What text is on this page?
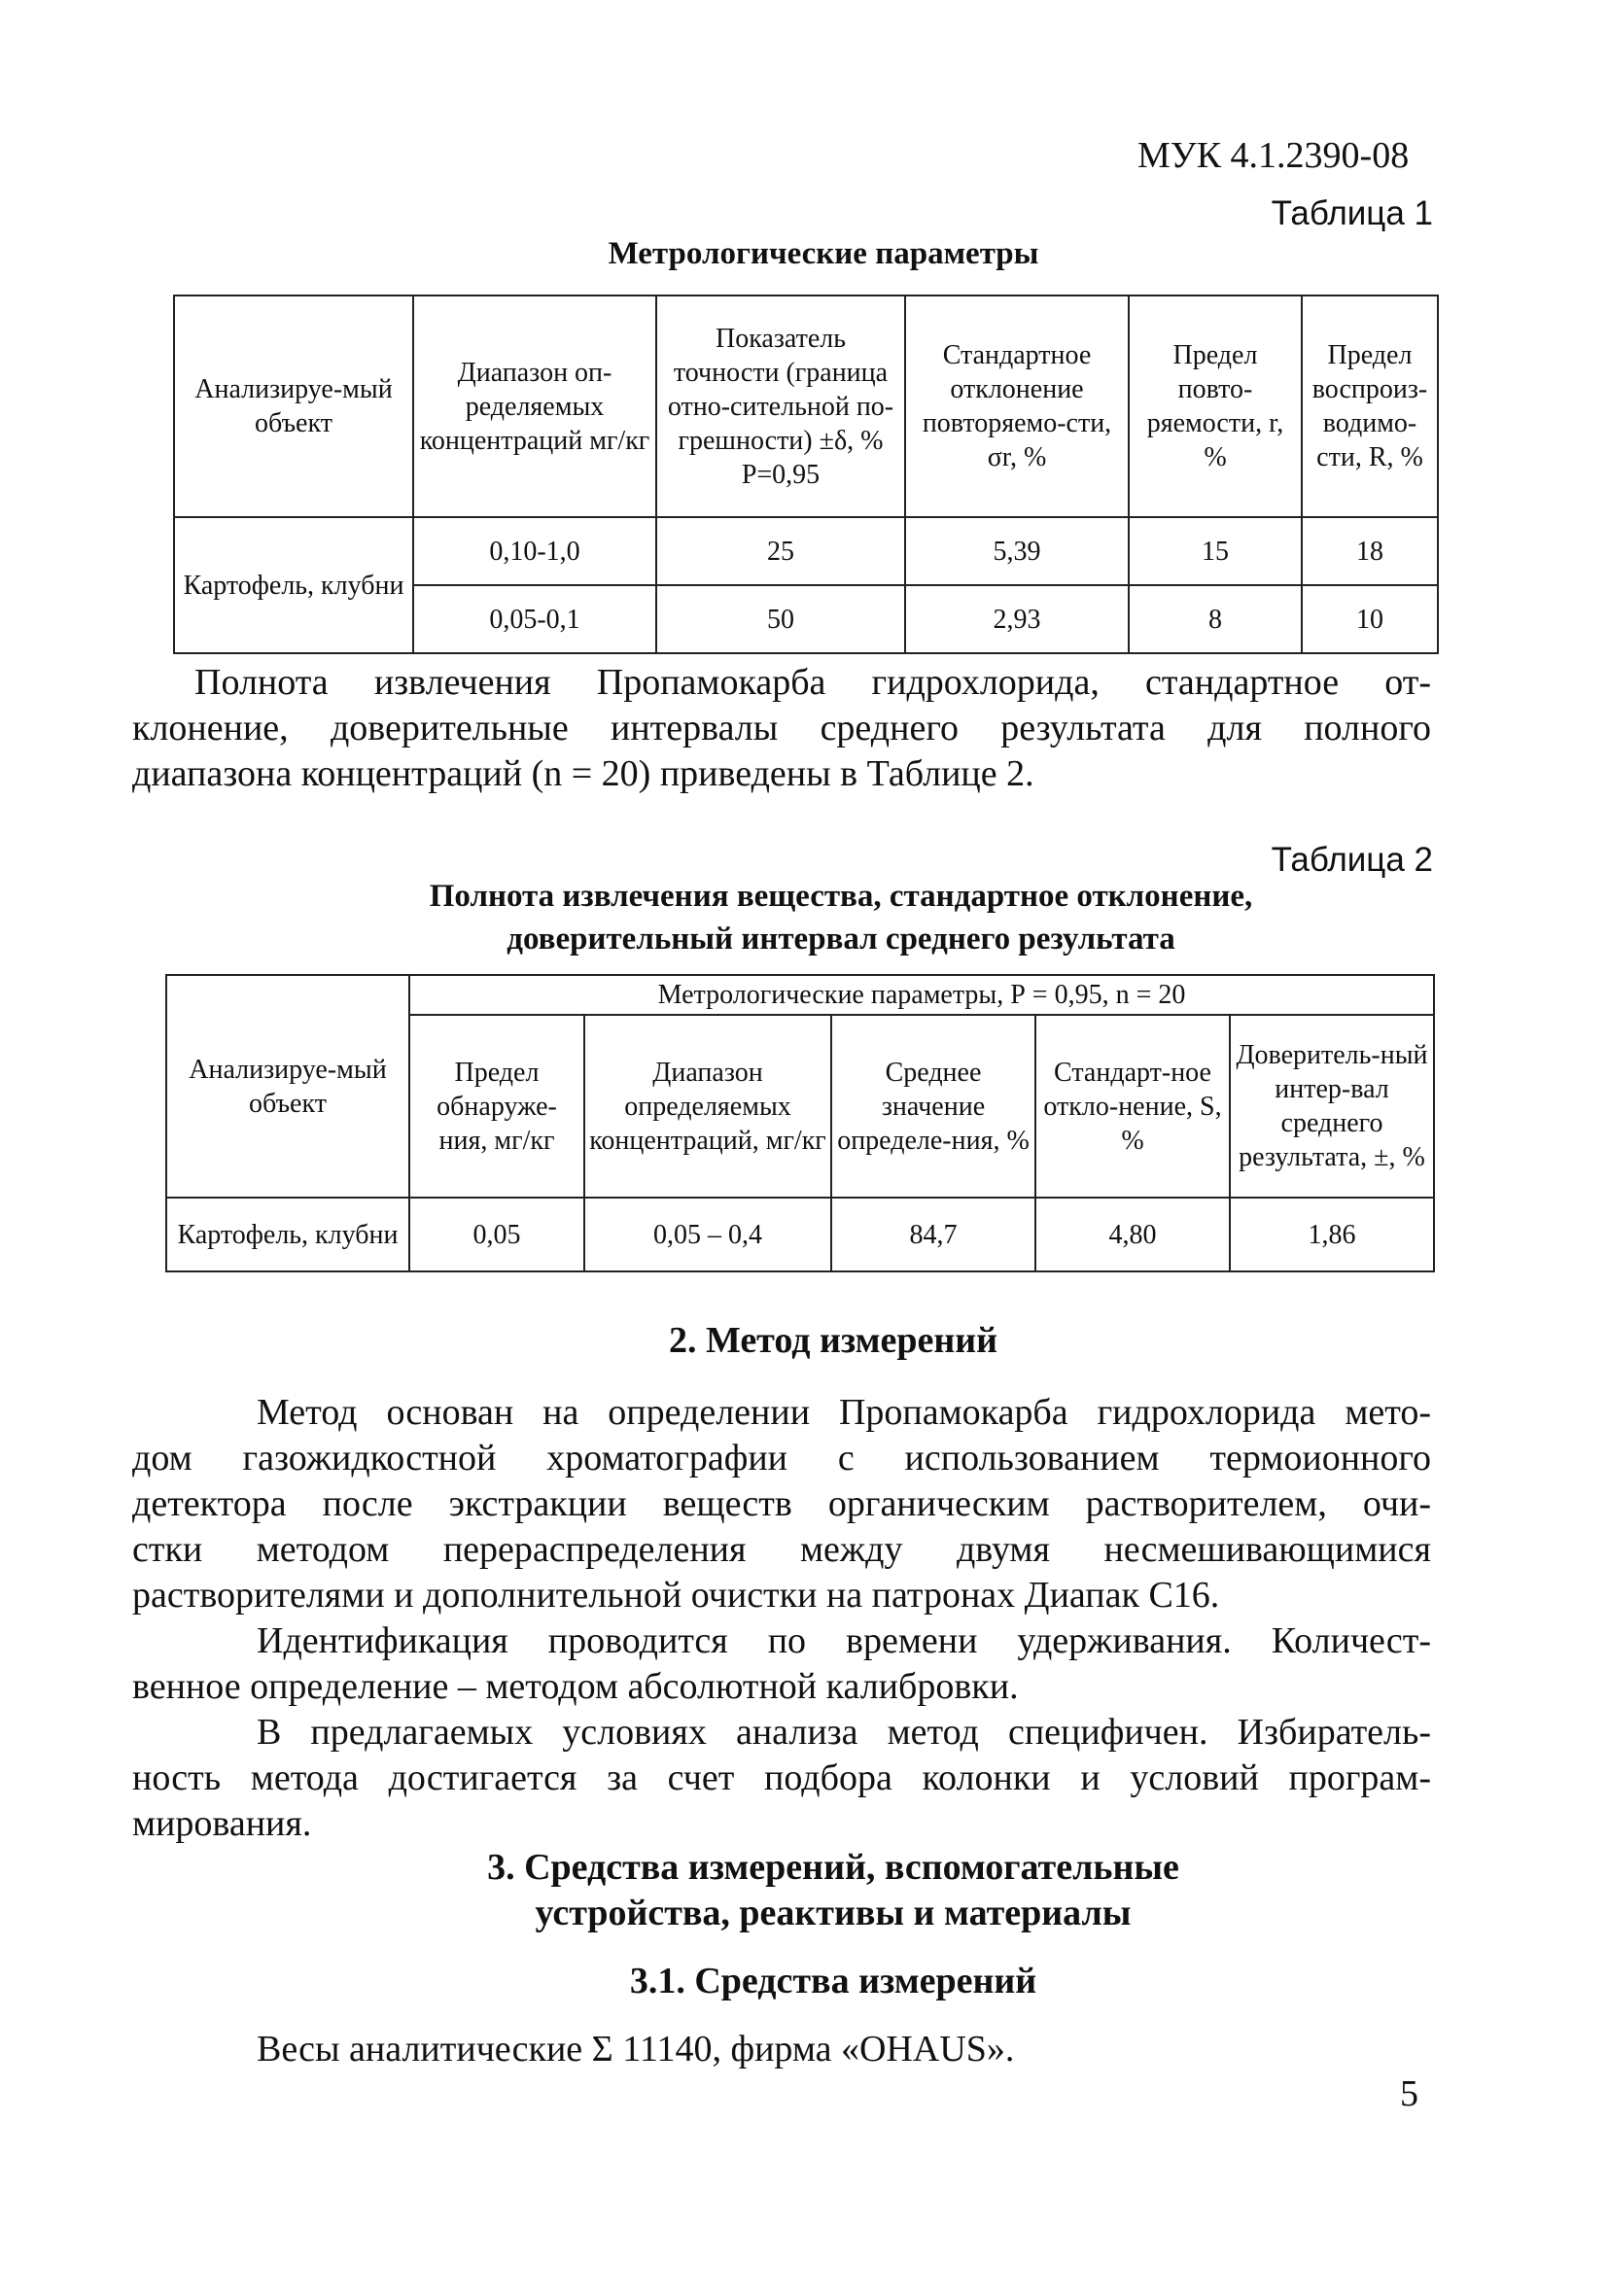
МУК 4.1.2390-08
Таблица 1
Метрологические параметры
Анализируе-мый объект	Диапазон оп-ределяемых концентраций мг/кг	Показатель точности (граница отно-сительной по-грешности) ±δ, % Р=0,95	Стандартное отклонение повторяемо-сти, σr, %	Предел повто-ряемости, r, %	Предел воспроиз-водимо-сти, R, %
Картофель, клубни	0,10-1,0	25	5,39	15	18
	0,05-0,1	50	2,93	8	10
Полнота извлечения Пропамокарба гидрохлорида, стандартное от-
клонение, доверительные интервалы среднего результата для полного
диапазона концентраций (n = 20) приведены в Таблице 2.
Таблица 2
Полнота извлечения вещества, стандартное отклонение,
доверительный интервал среднего результата
Анализируе-мый объект	Метрологические параметры, Р = 0,95, n = 20				
	Предел обнаруже-ния, мг/кг	Диапазон определяемых концентраций, мг/кг	Среднее значение определе-ния, %	Стандарт-ное откло-нение, S, %	Доверитель-ный интер-вал среднего результата, ±, %
Картофель, клубни	0,05	0,05 – 0,4	84,7	4,80	1,86
2. Метод измерений
Метод основан на определении Пропамокарба гидрохлорида мето-
дом газожидкостной хроматографии с использованием термоионного
детектора после экстракции веществ органическим растворителем, очи-
стки методом перераспределения между двумя несмешивающимися
растворителями и дополнительной очистки на патронах Диапак С16.
Идентификация проводится по времени удерживания. Количест-
венное определение – методом абсолютной калибровки.
В предлагаемых условиях анализа метод специфичен. Избиратель-
ность метода достигается за счет подбора колонки и условий програм-
мирования.
3. Средства измерений, вспомогательные
устройства, реактивы и материалы
3.1. Средства измерений
Весы аналитические Σ 11140, фирма «OHAUS».
5
